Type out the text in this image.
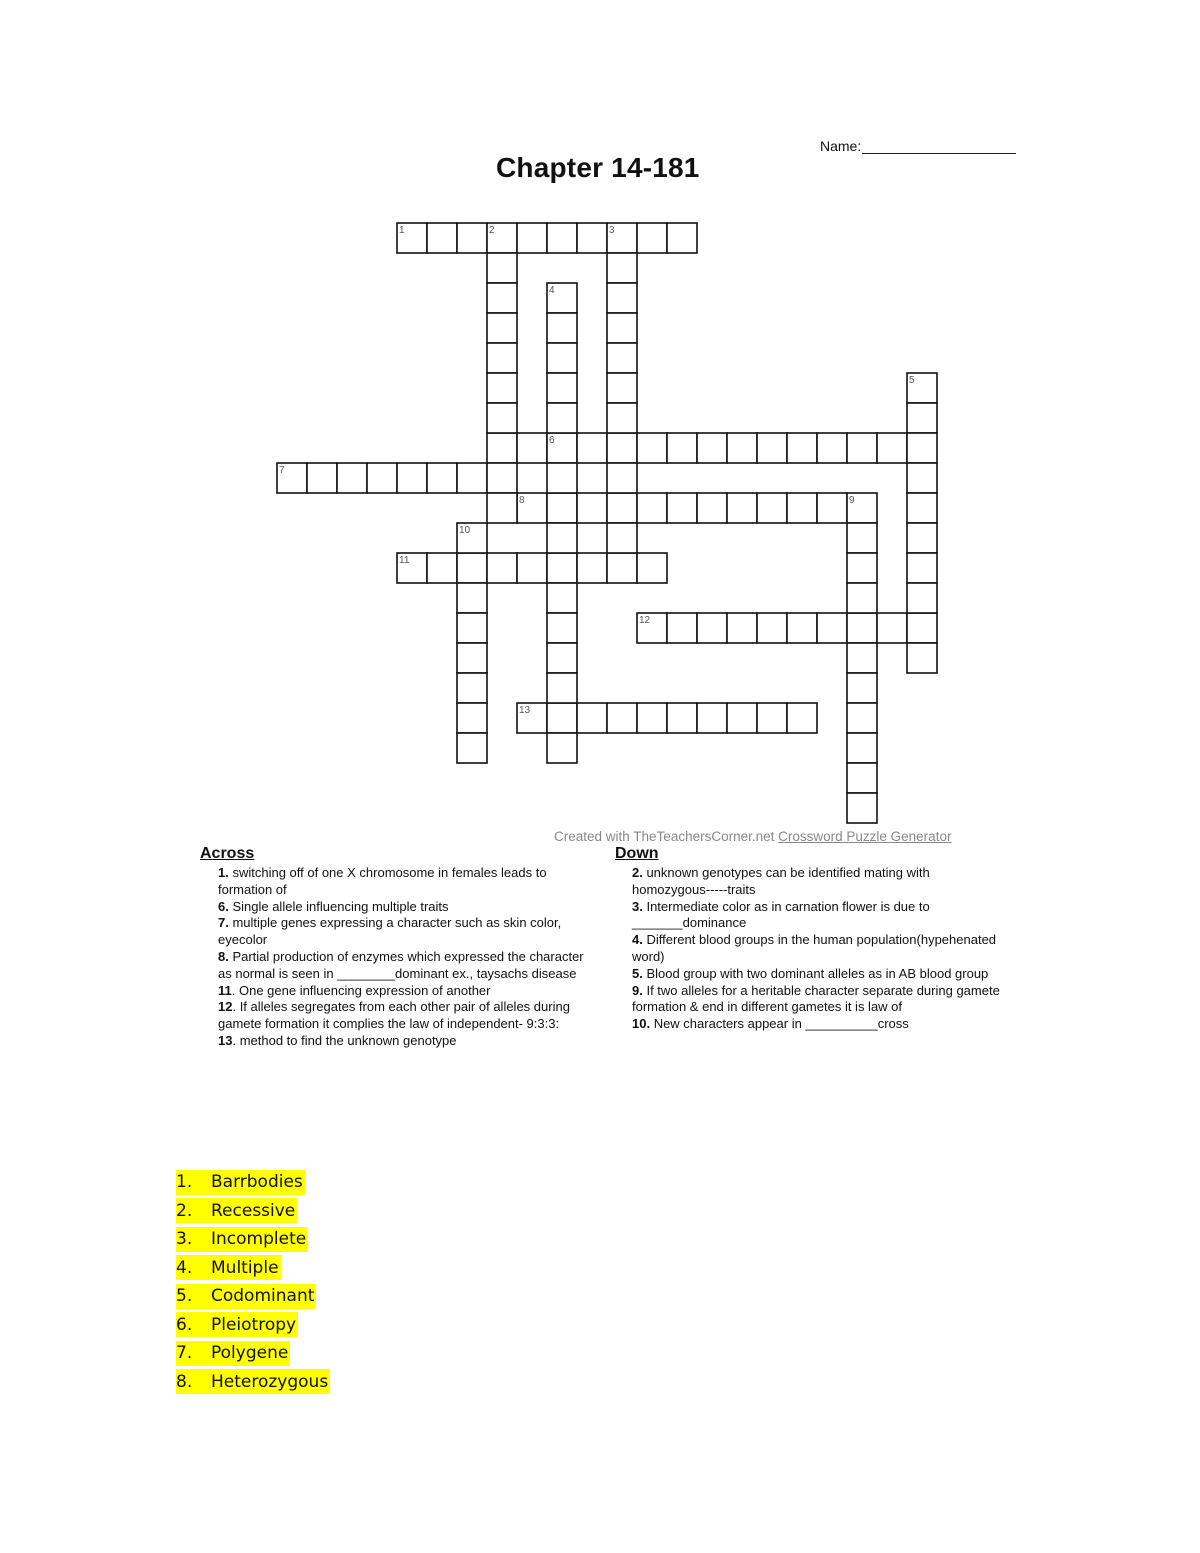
Name:
Chapter 14-181
1	2	3
4
5
6
7
8	9
10
11
12
13
Created with TheTeachersCorner.net Crossword Puzzle Generator
Across

1. switching off of one X chromosome in females leads to formation of

6. Single allele influencing multiple traits

7. multiple genes expressing a character such as skin color, eyecolor

8. Partial production of enzymes which expressed the character as normal is seen in ________dominant ex., taysachs disease

11. One gene influencing expression of another

12. If alleles segregates from each other pair of alleles during gamete formation it complies the law of independent- 9:3:3:

13. method to find the unknown genotype

Down

2. unknown genotypes can be identified mating with homozygous-----traits

3. Intermediate color as in carnation flower is due to _______dominance

4. Different blood groups in the human population(hypehenated word)

5. Blood group with two dominant alleles as in AB blood group

9. If two alleles for a heritable character separate during gamete formation & end in different gametes it is law of

10. New characters appear in __________cross

1.	Barrbodies
2.	Recessive
3.	Incomplete
4.	Multiple
5.	Codominant
6.	Pleiotropy
7.	Polygene
8.	Heterozygous
